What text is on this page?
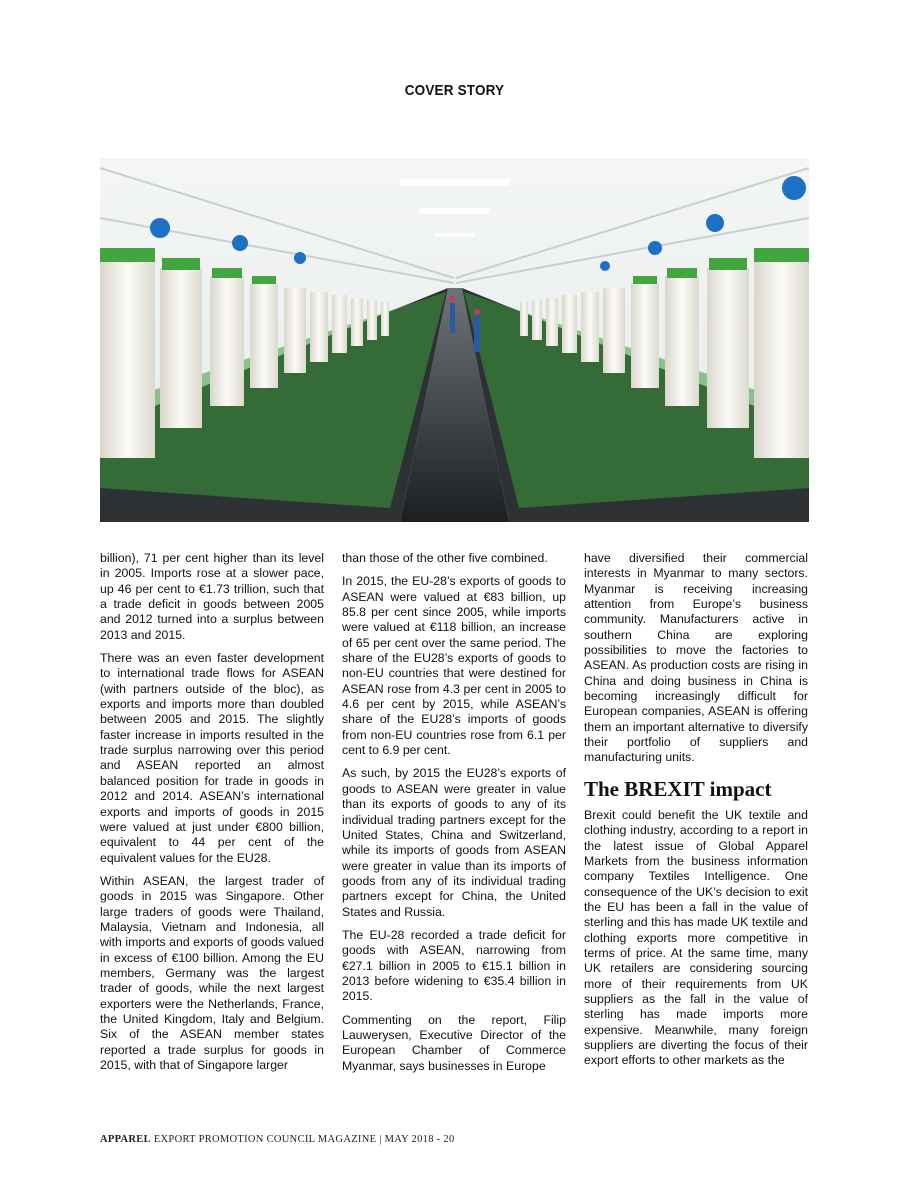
COVER STORY

billion), 71 per cent higher than its level in 2005. Imports rose at a slower pace, up 46 per cent to €1.73 trillion, such that a trade deficit in goods between 2005 and 2012 turned into a surplus between 2013 and 2015.

There was an even faster development to international trade flows for ASEAN (with partners outside of the bloc), as exports and imports more than doubled between 2005 and 2015. The slightly faster increase in imports resulted in the trade surplus narrowing over this period and ASEAN reported an almost balanced position for trade in goods in 2012 and 2014. ASEAN’s international exports and imports of goods in 2015 were valued at just under €800 billion, equivalent to 44 per cent of the equivalent values for the EU28.

Within ASEAN, the largest trader of goods in 2015 was Singapore. Other large traders of goods were Thailand, Malaysia, Vietnam and Indonesia, all with imports and exports of goods valued in excess of €100 billion. Among the EU members, Germany was the largest trader of goods, while the next largest exporters were the Netherlands, France, the United Kingdom, Italy and Belgium. Six of the ASEAN member states reported a trade surplus for goods in 2015, with that of Singapore larger

than those of the other five combined.

In 2015, the EU-28’s exports of goods to ASEAN were valued at €83 billion, up 85.8 per cent since 2005, while imports were valued at €118 billion, an increase of 65 per cent over the same period. The share of the EU28’s exports of goods to non-EU countries that were destined for ASEAN rose from 4.3 per cent in 2005 to 4.6 per cent by 2015, while ASEAN’s share of the EU28’s imports of goods from non-EU countries rose from 6.1 per cent to 6.9 per cent.

As such, by 2015 the EU28’s exports of goods to ASEAN were greater in value than its exports of goods to any of its individual trading partners except for the United States, China and Switzerland, while its imports of goods from ASEAN were greater in value than its imports of goods from any of its individual trading partners except for China, the United States and Russia.

The EU-28 recorded a trade deficit for goods with ASEAN, narrowing from €27.1 billion in 2005 to €15.1 billion in 2013 before widening to €35.4 billion in 2015.

Commenting on the report, Filip Lauwerysen, Executive Director of the European Chamber of Commerce Myanmar, says businesses in Europe

have diversified their commercial interests in Myanmar to many sectors. Myanmar is receiving increasing attention from Europe’s business community. Manufacturers active in southern China are exploring possibilities to move the factories to ASEAN. As production costs are rising in China and doing business in China is becoming increasingly difficult for European companies, ASEAN is offering them an important alternative to diversify their portfolio of suppliers and manufacturing units.

The BREXIT impact

Brexit could benefit the UK textile and clothing industry, according to a report in the latest issue of Global Apparel Markets from the business information company Textiles Intelligence. One consequence of the UK’s decision to exit the EU has been a fall in the value of sterling and this has made UK textile and clothing exports more competitive in terms of price. At the same time, many UK retailers are considering sourcing more of their requirements from UK suppliers as the fall in the value of sterling has made imports more expensive. Meanwhile, many foreign suppliers are diverting the focus of their export efforts to other markets as the

APPAREL EXPORT PROMOTION COUNCIL MAGAZINE | MAY 2018 - 20
